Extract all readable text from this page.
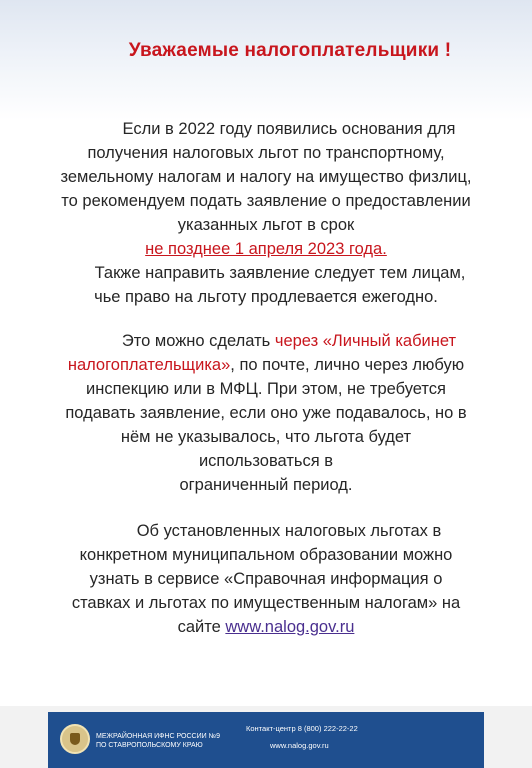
Уважаемые налогоплательщики !
Если в 2022 году появились основания для
получения налоговых льгот по транспортному,
земельному налогам и налогу на имущество физлиц,
то рекомендуем подать заявление о предоставлении
указанных льгот в срок
не позднее 1 апреля 2023 года.
Также направить заявление следует тем лицам,
чье право на льготу продлевается ежегодно.
Это можно сделать через «Личный кабинет
налогоплательщика», по почте, лично через любую
инспекцию или в МФЦ. При этом, не требуется
подавать заявление, если оно уже подавалось, но в
нём не указывалось, что льгота будет
использоваться в
ограниченный период.
Об установленных налоговых льготах в
конкретном муниципальном образовании можно
узнать в сервисе «Справочная информация о
ставках и льготах по имущественным налогам» на
сайте www.nalog.gov.ru
МЕЖРАЙОННАЯ ИФНС РОССИИ №9
ПО СТАВРОПОЛЬСКОМУ КРАЮ
Контакт-центр 8 (800) 222-22-22
www.nalog.gov.ru
